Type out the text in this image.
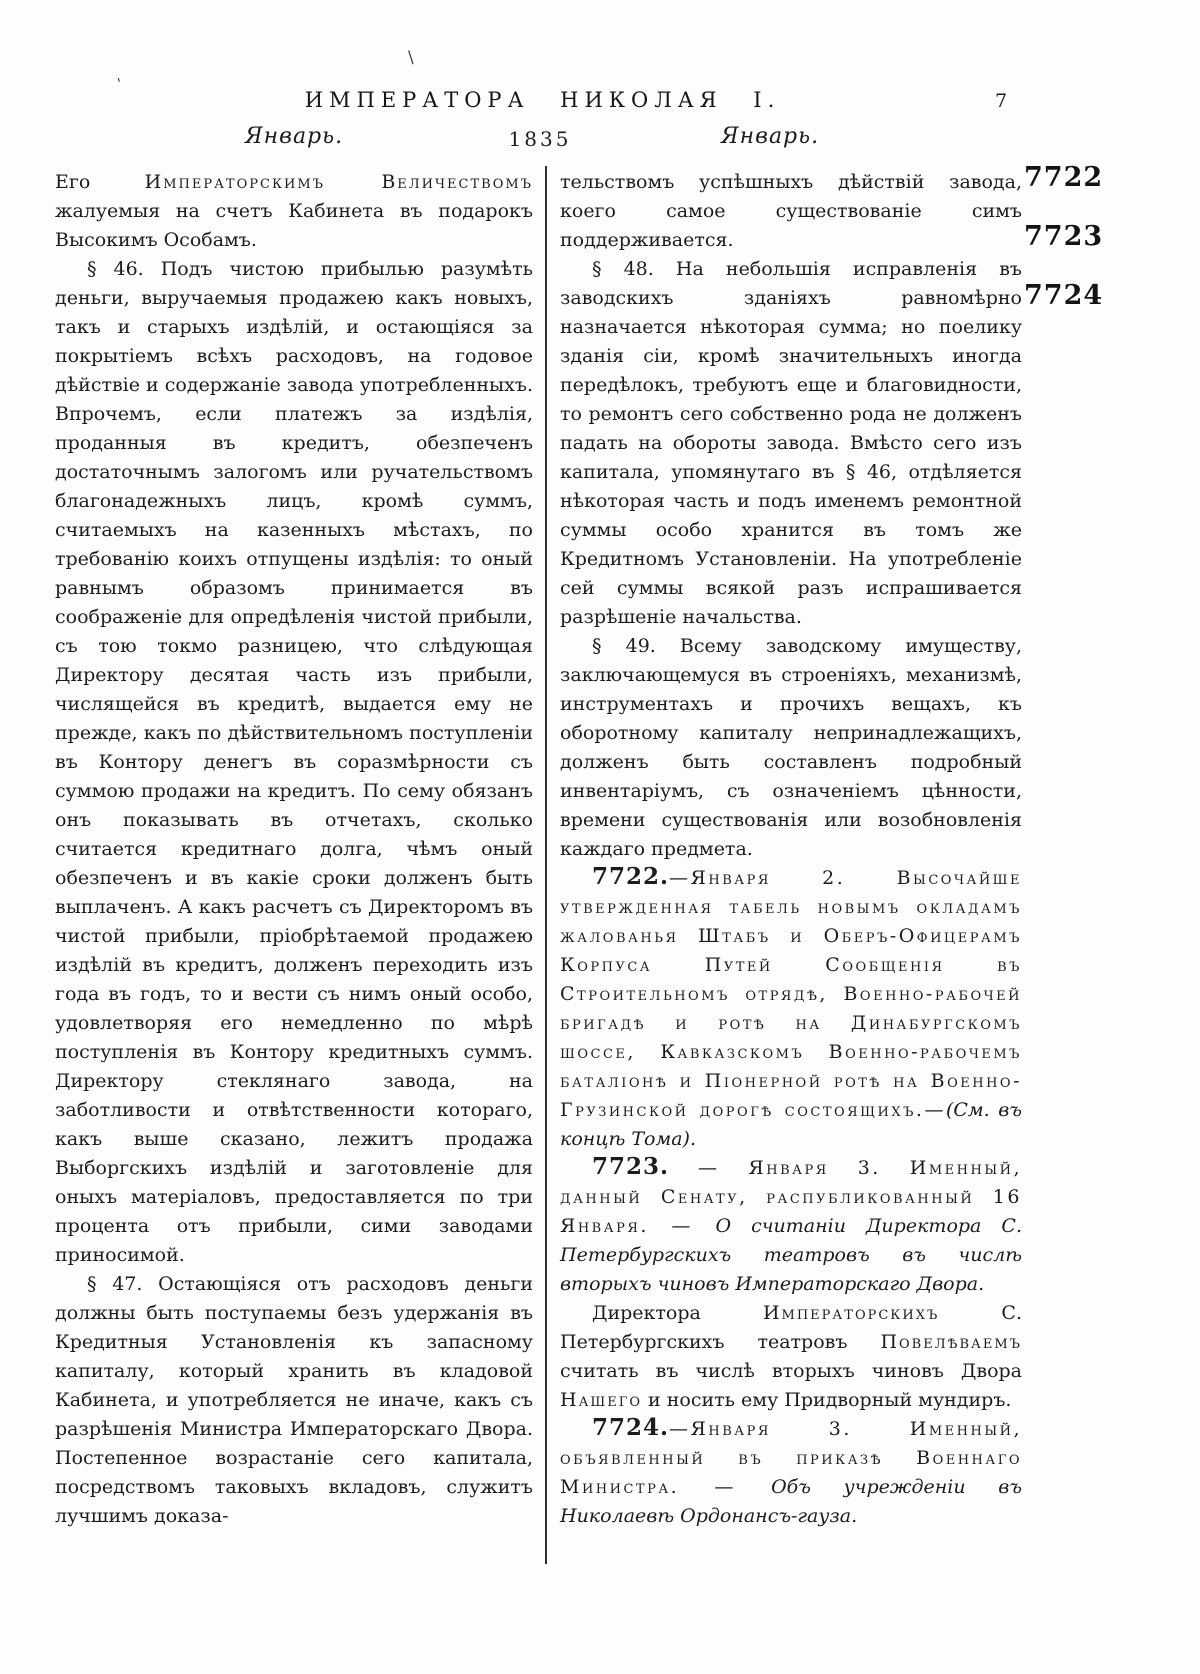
'
\
ИМПЕРАТОРА НИКОЛАЯ I.	7
Январь.	1835	Январь.
7722
7723
7724

Его Императорскимъ Величествомъ жалуемыя на счетъ Кабинета въ подарокъ Высокимъ Особамъ.

§ 46. Подъ чистою прибылью разумѣть деньги, выручаемыя продажею какъ новыхъ, такъ и старыхъ издѣлій, и остающіяся за покрытіемъ всѣхъ расходовъ, на годовое дѣйствіе и содержаніе завода употребленныхъ. Впрочемъ, если платежъ за издѣлія, проданныя въ кредитъ, обезпеченъ достаточнымъ залогомъ или ручательствомъ благонадежныхъ лицъ, кромѣ суммъ, считаемыхъ на казенныхъ мѣстахъ, по требованію коихъ отпущены издѣлія: то оный равнымъ образомъ принимается въ соображеніе для опредѣленія чистой прибыли, съ тою токмо разницею, что слѣдующая Директору десятая часть изъ прибыли, числящейся въ кредитѣ, выдается ему не прежде, какъ по дѣйствительномъ поступленіи въ Контору денегъ въ соразмѣрности съ суммою продажи на кредитъ. По сему обязанъ онъ показывать въ отчетахъ, сколько считается кредитнаго долга, чѣмъ оный обезпеченъ и въ какіе сроки долженъ быть выплаченъ. А какъ расчетъ съ Директоромъ въ чистой прибыли, пріобрѣтаемой продажею издѣлій въ кредитъ, долженъ переходить изъ года въ годъ, то и вести съ нимъ оный особо, удовлетворяя его немедленно по мѣрѣ поступленія въ Контору кредитныхъ суммъ. Директору стеклянаго завода, на заботливости и отвѣтственности котораго, какъ выше сказано, лежитъ продажа Выборгскихъ издѣлій и заготовленіе для оныхъ матеріаловъ, предоставляется по три процента отъ прибыли, сими заводами приносимой.

§ 47. Остающіяся отъ расходовъ деньги должны быть поступаемы безъ удержанія въ Кредитныя Установленія къ запасному капиталу, который хранить въ кладовой Кабинета, и употребляется не иначе, какъ съ разрѣшенія Министра Императорскаго Двора. Постепенное возрастаніе сего капитала, посредствомъ таковыхъ вкладовъ, служитъ лучшимъ доказа-

тельствомъ успѣшныхъ дѣйствій завода, коего самое существованіе симъ поддерживается.

§ 48. На небольшія исправленія въ заводскихъ зданіяхъ равномѣрно назначается нѣкоторая сумма; но поелику зданія сіи, кромѣ значительныхъ иногда передѣлокъ, требуютъ еще и благовидности, то ремонтъ сего собственно рода не долженъ падать на обороты завода. Вмѣсто сего изъ капитала, упомянутаго въ § 46, отдѣляется нѣкоторая часть и подъ именемъ ремонтной суммы особо хранится въ томъ же Кредитномъ Установленіи. На употребленіе сей суммы всякой разъ испрашивается разрѣшеніе начальства.

§ 49. Всему заводскому имуществу, заключающемуся въ строеніяхъ, механизмѣ, инструментахъ и прочихъ вещахъ, къ оборотному капиталу непринадлежащихъ, долженъ быть составленъ подробный инвентаріумъ, съ означеніемъ цѣнности, времени существованія или возобновленія каждаго предмета.

7722.—Января 2. Высочайше утвержденная табель новымъ окладамъ жалованья Штабъ и Оберъ-Офицерамъ Корпуса Путей Сообщенія въ Строительномъ отрядѣ, Военно-рабочей бригадѣ и ротѣ на Динабургскомъ шоссе, Кавказскомъ Военно-рабочемъ баталіонѣ и Піонерной ротѣ на Военно-Грузинской дорогѣ состоящихъ.—(См. въ концѣ Тома).

7723. — Января 3. Именный, данный Сенату, распубликованный 16 Января. — О считаніи Директора С. Петербургскихъ театровъ въ числѣ вторыхъ чиновъ Императорскаго Двора.

Директора Императорскихъ С. Петербургскихъ театровъ Повелѣваемъ считать въ числѣ вторыхъ чиновъ Двора Нашего и носить ему Придворный мундиръ.

7724.—Января 3. Именный, объявленный въ приказѣ Военнаго Министра. — Объ учрежденіи въ Николаевѣ Ордонансъ-гауза.
